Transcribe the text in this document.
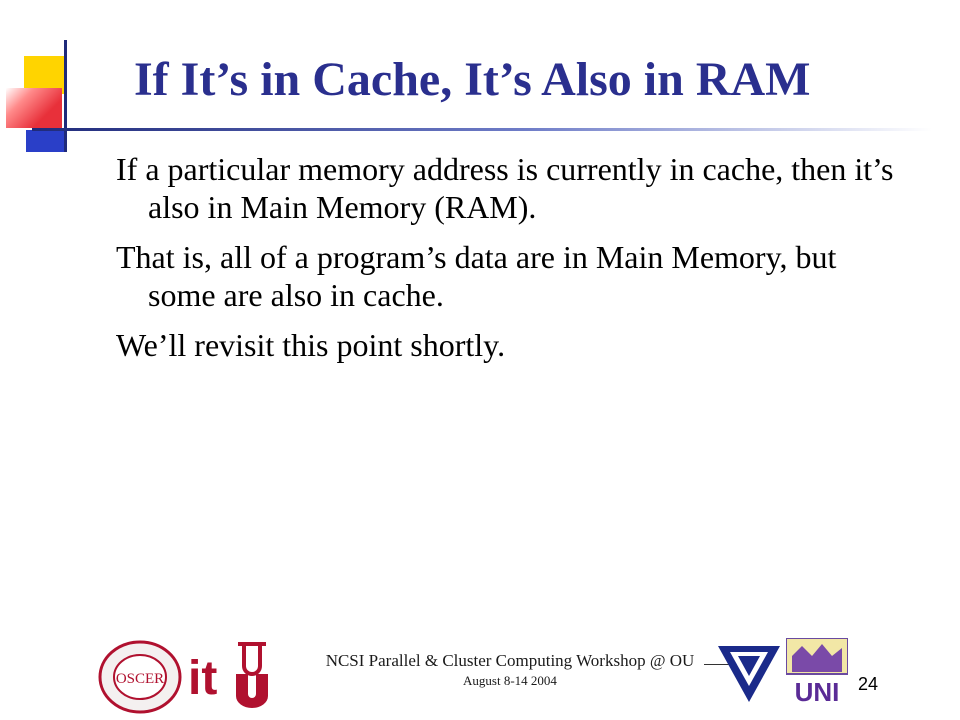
If It’s in Cache, It’s Also in RAM
If a particular memory address is currently in cache, then it’s also in Main Memory (RAM).
That is, all of a program’s data are in Main Memory, but some are also in cache.
We’ll revisit this point shortly.
OSCER it	NCSI Parallel & Cluster Computing Workshop @ OU
August 8-14 2004	UNI 24
